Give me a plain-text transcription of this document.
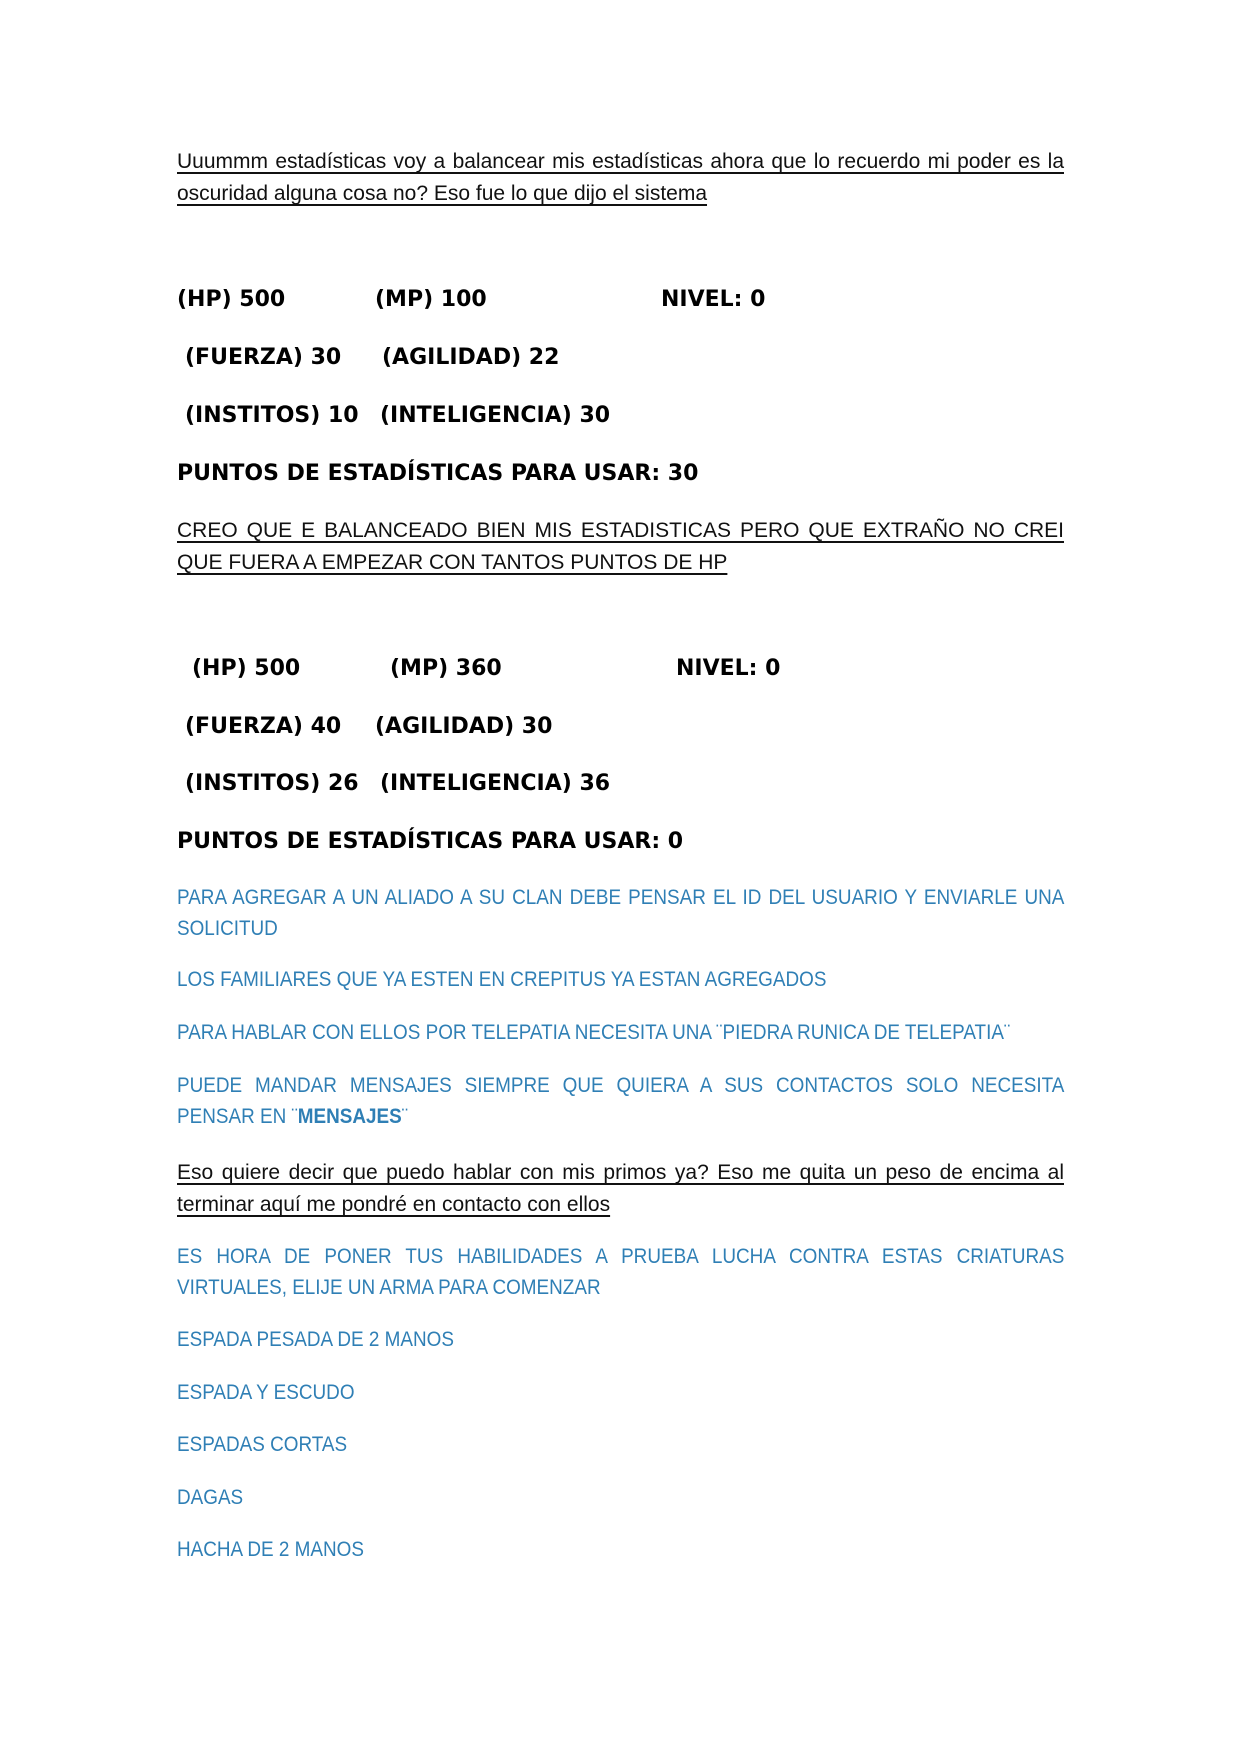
Uuummm estadísticas voy a balancear mis estadísticas ahora que lo recuerdo mi poder es la oscuridad alguna cosa no? Eso fue lo que dijo el sistema
(HP) 500	(MP) 100	NIVEL: 0
(FUERZA) 30 (AGILIDAD) 22
(INSTITOS) 10 (INTELIGENCIA) 30
PUNTOS DE ESTADÍSTICAS PARA USAR: 30
CREO QUE E BALANCEADO BIEN MIS ESTADISTICAS PERO QUE EXTRAÑO NO CREI QUE FUERA A EMPEZAR CON TANTOS PUNTOS DE HP
(HP) 500	(MP) 360	NIVEL: 0
(FUERZA) 40 (AGILIDAD) 30
(INSTITOS) 26 (INTELIGENCIA) 36
PUNTOS DE ESTADÍSTICAS PARA USAR: 0
PARA AGREGAR A UN ALIADO A SU CLAN DEBE PENSAR EL ID DEL USUARIO Y ENVIARLE UNA SOLICITUD
LOS FAMILIARES QUE YA ESTEN EN CREPITUS YA ESTAN AGREGADOS
PARA HABLAR CON ELLOS POR TELEPATIA NECESITA UNA ¨PIEDRA RUNICA DE TELEPATIA¨
PUEDE MANDAR MENSAJES SIEMPRE QUE QUIERA A SUS CONTACTOS SOLO NECESITA PENSAR EN ¨MENSAJES¨
Eso quiere decir que puedo hablar con mis primos ya? Eso me quita un peso de encima al terminar aquí me pondré en contacto con ellos
ES HORA DE PONER TUS HABILIDADES A PRUEBA LUCHA CONTRA ESTAS CRIATURAS VIRTUALES, ELIJE UN ARMA PARA COMENZAR
ESPADA PESADA DE 2 MANOS
ESPADA Y ESCUDO
ESPADAS CORTAS
DAGAS
HACHA DE 2 MANOS
